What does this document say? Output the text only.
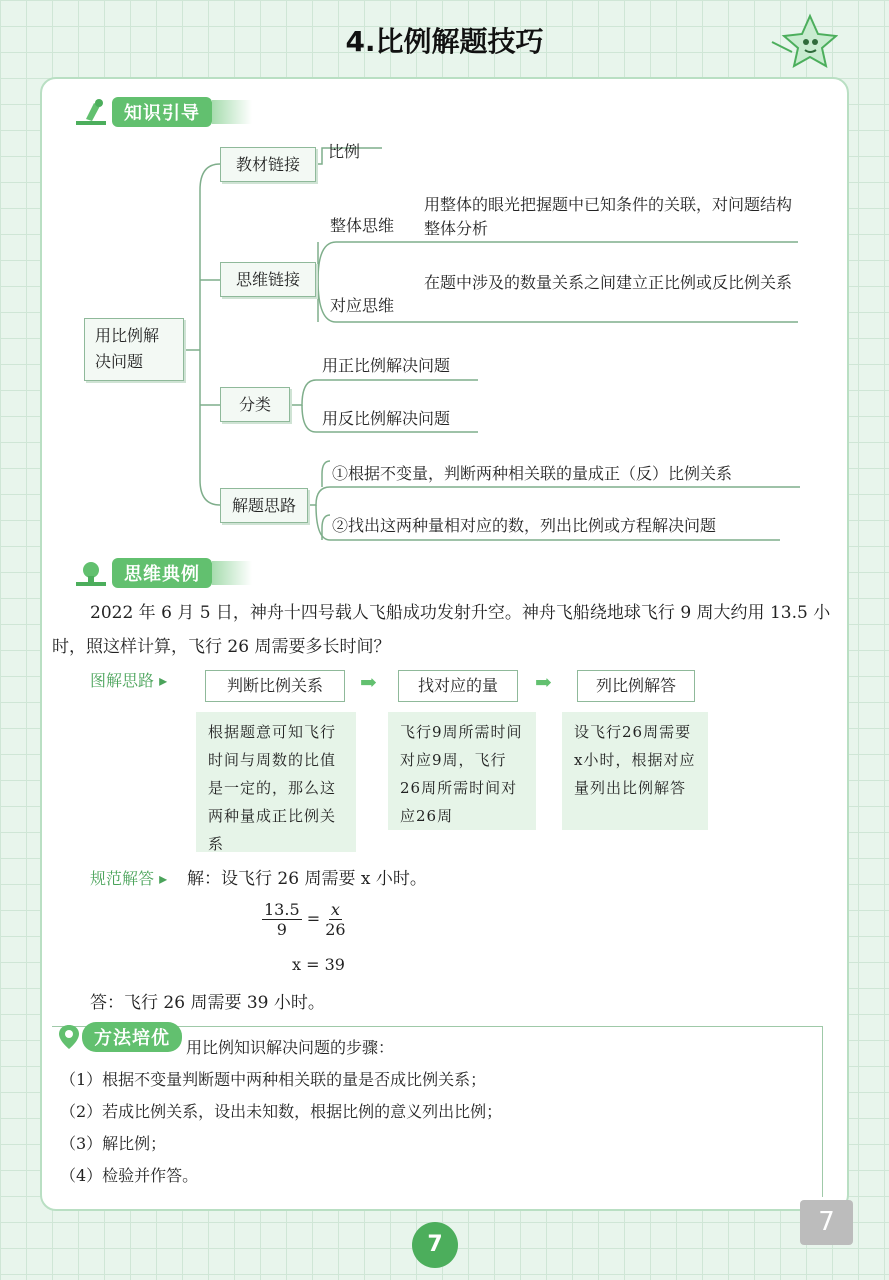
4.比例解题技巧
知识引导
用比例解决问题
教材链接
比例
思维链接
整体思维
用整体的眼光把握题中已知条件的关联，对问题结构整体分析
对应思维
在题中涉及的数量关系之间建立正比例或反比例关系
分类
用正比例解决问题
用反比例解决问题
解题思路
①根据不变量，判断两种相关联的量成正（反）比例关系
②找出这两种量相对应的数，列出比例或方程解决问题
思维典例
2022 年 6 月 5 日，神舟十四号载人飞船成功发射升空。神舟飞船绕地球飞行 9 周大约用 13.5 小时，照这样计算，飞行 26 周需要多长时间？
图解思路 ▸	判断比例关系	➡	找对应的量	➡	列比例解答
根据题意可知飞行时间与周数的比值是一定的，那么这两种量成正比例关系
飞行9周所需时间对应9周，飞行26周所需时间对应26周
设飞行26周需要x小时，根据对应量列出比例解答
规范解答 ▸ 解：设飞行 26 周需要 x 小时。
$\frac{13.5}{9} = \frac{x}{26}$
x = 39
答：飞行 26 周需要 39 小时。
方法培优	用比例知识解决问题的步骤：
（1）根据不变量判断题中两种相关联的量是否成比例关系；
（2）若成比例关系，设出未知数，根据比例的意义列出比例；
（3）解比例；
（4）检验并作答。
7
7
